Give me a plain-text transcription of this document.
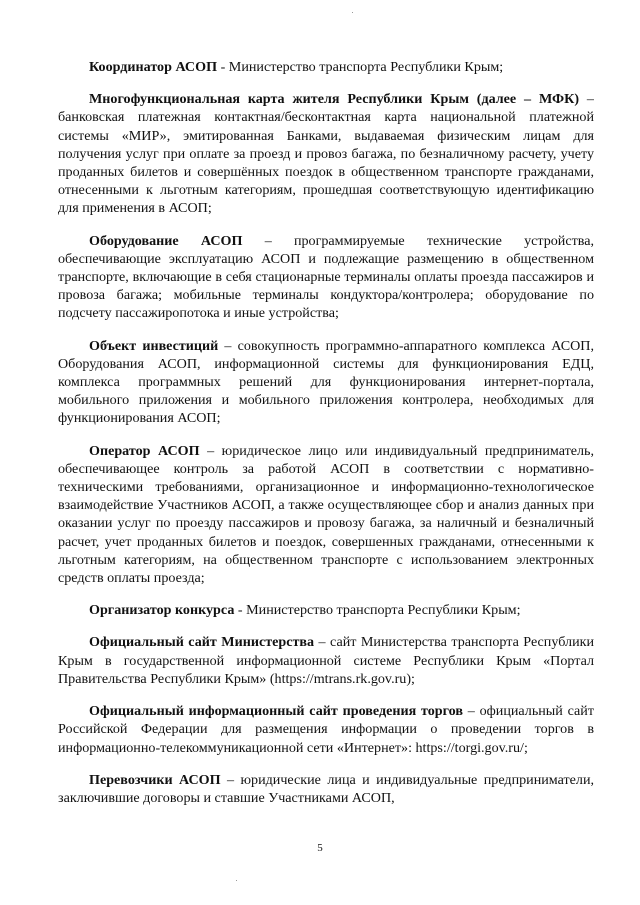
Координатор АСОП - Министерство транспорта Республики Крым;

Многофункциональная карта жителя Республики Крым (далее – МФК) – банковская платежная контактная/бесконтактная карта национальной платежной системы «МИР», эмитированная Банками, выдаваемая физическим лицам для получения услуг при оплате за проезд и провоз багажа, по безналичному расчету, учету проданных билетов и совершённых поездок в общественном транспорте гражданами, отнесенными к льготным категориям, прошедшая соответствующую идентификацию для применения в АСОП;

Оборудование АСОП – программируемые технические устройства, обеспечивающие эксплуатацию АСОП и подлежащие размещению в общественном транспорте, включающие в себя стационарные терминалы оплаты проезда пассажиров и провоза багажа; мобильные терминалы кондуктора/контролера; оборудование по подсчету пассажиропотока и иные устройства;

Объект инвестиций – совокупность программно-аппаратного комплекса АСОП, Оборудования АСОП, информационной системы для функционирования ЕДЦ, комплекса программных решений для функционирования интернет-портала, мобильного приложения и мобильного приложения контролера, необходимых для функционирования АСОП;

Оператор АСОП – юридическое лицо или индивидуальный предприниматель, обеспечивающее контроль за работой АСОП в соответствии с нормативно-техническими требованиями, организационное и информационно-технологическое взаимодействие Участников АСОП, а также осуществляющее сбор и анализ данных при оказании услуг по проезду пассажиров и провозу багажа, за наличный и безналичный расчет, учет проданных билетов и поездок, совершенных гражданами, отнесенными к льготным категориям, на общественном транспорте с использованием электронных средств оплаты проезда;

Организатор конкурса - Министерство транспорта Республики Крым;

Официальный сайт Министерства – сайт Министерства транспорта Республики Крым в государственной информационной системе Республики Крым «Портал Правительства Республики Крым» (https://mtrans.rk.gov.ru);

Официальный информационный сайт проведения торгов – официальный сайт Российской Федерации для размещения информации о проведении торгов в информационно-телекоммуникационной сети «Интернет»: https://torgi.gov.ru/;

Перевозчики АСОП – юридические лица и индивидуальные предприниматели, заключившие договоры и ставшие Участниками АСОП,

5
